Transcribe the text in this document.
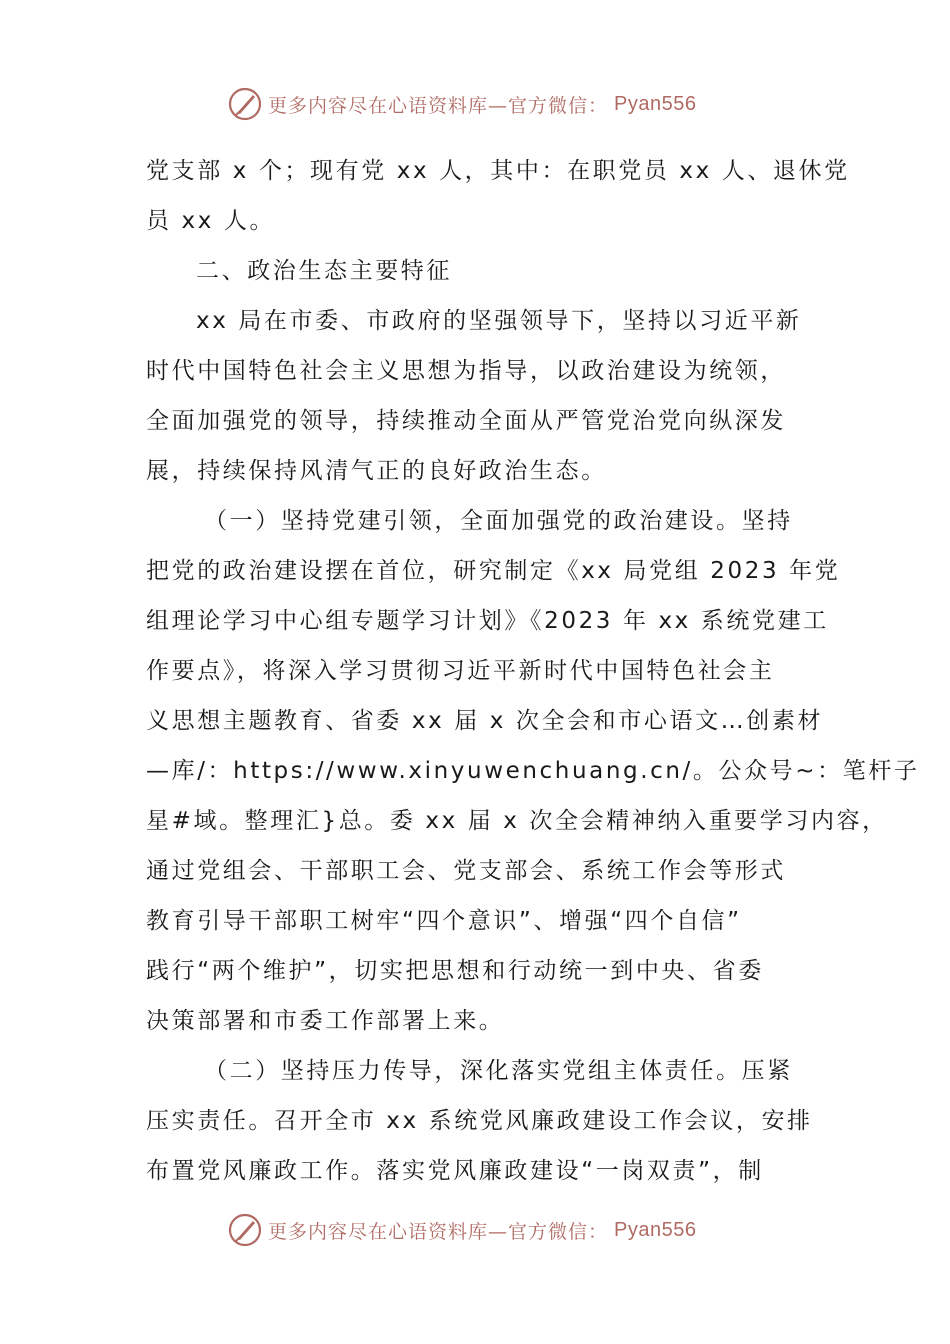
更多内容尽在心语资料库—官方微信： Pyan556
党支部 x 个；现有党 xx 人，其中：在职党员 xx 人、退休党
员 xx 人。
二、政治生态主要特征
xx 局在市委、市政府的坚强领导下，坚持以习近平新
时代中国特色社会主义思想为指导，以政治建设为统领，
全面加强党的领导，持续推动全面从严管党治党向纵深发
展，持续保持风清气正的良好政治生态。
（一）坚持党建引领，全面加强党的政治建设。坚持
把党的政治建设摆在首位，研究制定《xx 局党组 2023 年党
组理论学习中心组专题学习计划》《2023 年 xx 系统党建工
作要点》，将深入学习贯彻习近平新时代中国特色社会主
义思想主题教育、省委 xx 届 x 次全会和市心语文…创素材
—库/：https://www.xinyuwenchuang.cn/。公众号~：笔杆子
星#域。整理汇}总。委 xx 届 x 次全会精神纳入重要学习内容，
通过党组会、干部职工会、党支部会、系统工作会等形式
教育引导干部职工树牢“四个意识”、增强“四个自信”
践行“两个维护”，切实把思想和行动统一到中央、省委
决策部署和市委工作部署上来。
（二）坚持压力传导，深化落实党组主体责任。压紧
压实责任。召开全市 xx 系统党风廉政建设工作会议，安排
布置党风廉政工作。落实党风廉政建设“一岗双责”，制
更多内容尽在心语资料库—官方微信： Pyan556
